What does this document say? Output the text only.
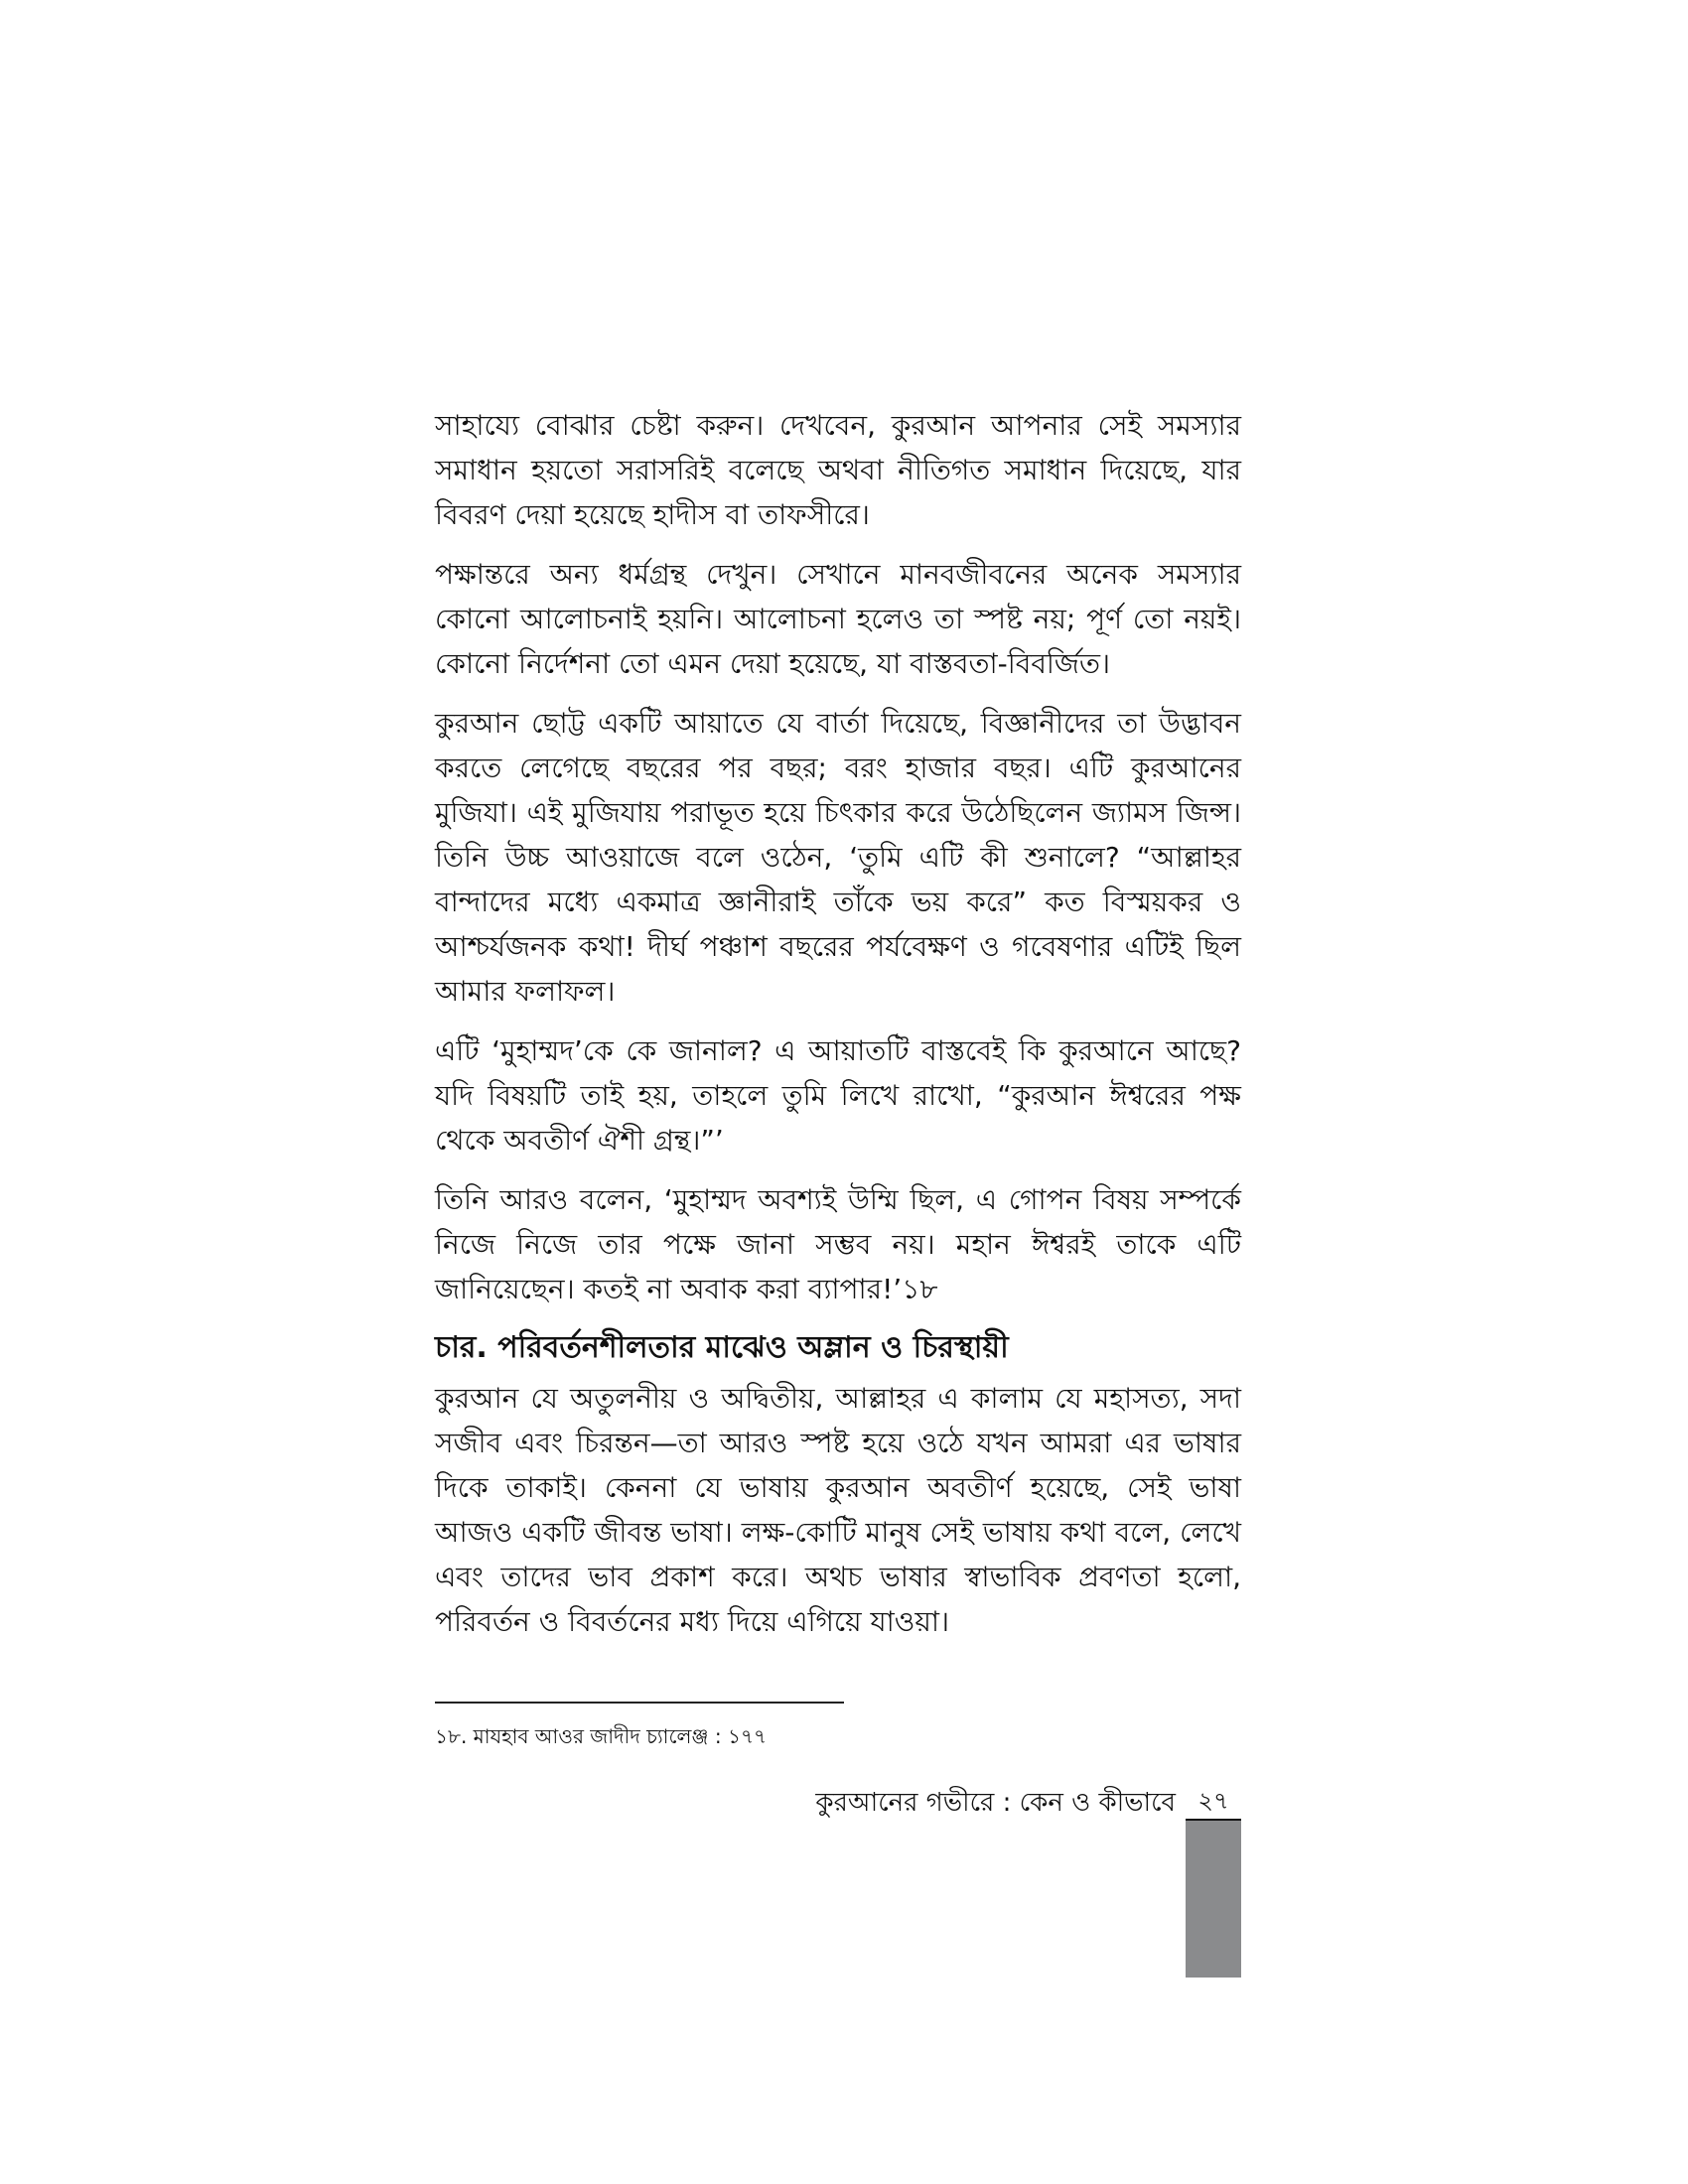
সাহায্যে বোঝার চেষ্টা করুন। দেখবেন, কুরআন আপনার সেই সমস্যার সমাধান হয়তো সরাসরিই বলেছে অথবা নীতিগত সমাধান দিয়েছে, যার বিবরণ দেয়া হয়েছে হাদীস বা তাফসীরে।

পক্ষান্তরে অন্য ধর্মগ্রন্থ দেখুন। সেখানে মানবজীবনের অনেক সমস্যার কোনো আলোচনাই হয়নি। আলোচনা হলেও তা স্পষ্ট নয়; পূর্ণ তো নয়ই। কোনো নির্দেশনা তো এমন দেয়া হয়েছে, যা বাস্তবতা-বিবর্জিত।

কুরআন ছোট্ট একটি আয়াতে যে বার্তা দিয়েছে, বিজ্ঞানীদের তা উদ্ভাবন করতে লেগেছে বছরের পর বছর; বরং হাজার বছর। এটি কুরআনের মুজিযা। এই মুজিযায় পরাভূত হয়ে চিৎকার করে উঠেছিলেন জ্যামস জিন্স। তিনি উচ্চ আওয়াজে বলে ওঠেন, ‘তুমি এটি কী শুনালে? “আল্লাহর বান্দাদের মধ্যে একমাত্র জ্ঞানীরাই তাঁকে ভয় করে” কত বিস্ময়কর ও আশ্চর্যজনক কথা! দীর্ঘ পঞ্চাশ বছরের পর্যবেক্ষণ ও গবেষণার এটিই ছিল আমার ফলাফল।

এটি ‘মুহাম্মদ’কে কে জানাল? এ আয়াতটি বাস্তবেই কি কুরআনে আছে? যদি বিষয়টি তাই হয়, তাহলে তুমি লিখে রাখো, “কুরআন ঈশ্বরের পক্ষ থেকে অবতীর্ণ ঐশী গ্রন্থ।”’

তিনি আরও বলেন, ‘মুহাম্মদ অবশ্যই উম্মি ছিল, এ গোপন বিষয় সম্পর্কে নিজে নিজে তার পক্ষে জানা সম্ভব নয়। মহান ঈশ্বরই তাকে এটি জানিয়েছেন। কতই না অবাক করা ব্যাপার!’১৮

চার. পরিবর্তনশীলতার মাঝেও অম্লান ও চিরস্থায়ী

কুরআন যে অতুলনীয় ও অদ্বিতীয়, আল্লাহর এ কালাম যে মহাসত্য, সদা সজীব এবং চিরন্তন—তা আরও স্পষ্ট হয়ে ওঠে যখন আমরা এর ভাষার দিকে তাকাই। কেননা যে ভাষায় কুরআন অবতীর্ণ হয়েছে, সেই ভাষা আজও একটি জীবন্ত ভাষা। লক্ষ-কোটি মানুষ সেই ভাষায় কথা বলে, লেখে এবং তাদের ভাব প্রকাশ করে। অথচ ভাষার স্বাভাবিক প্রবণতা হলো, পরিবর্তন ও বিবর্তনের মধ্য দিয়ে এগিয়ে যাওয়া।

১৮. মাযহাব আওর জাদীদ চ্যালেঞ্জ : ১৭৭
কুরআনের গভীরে : কেন ও কীভাবে ২৭
